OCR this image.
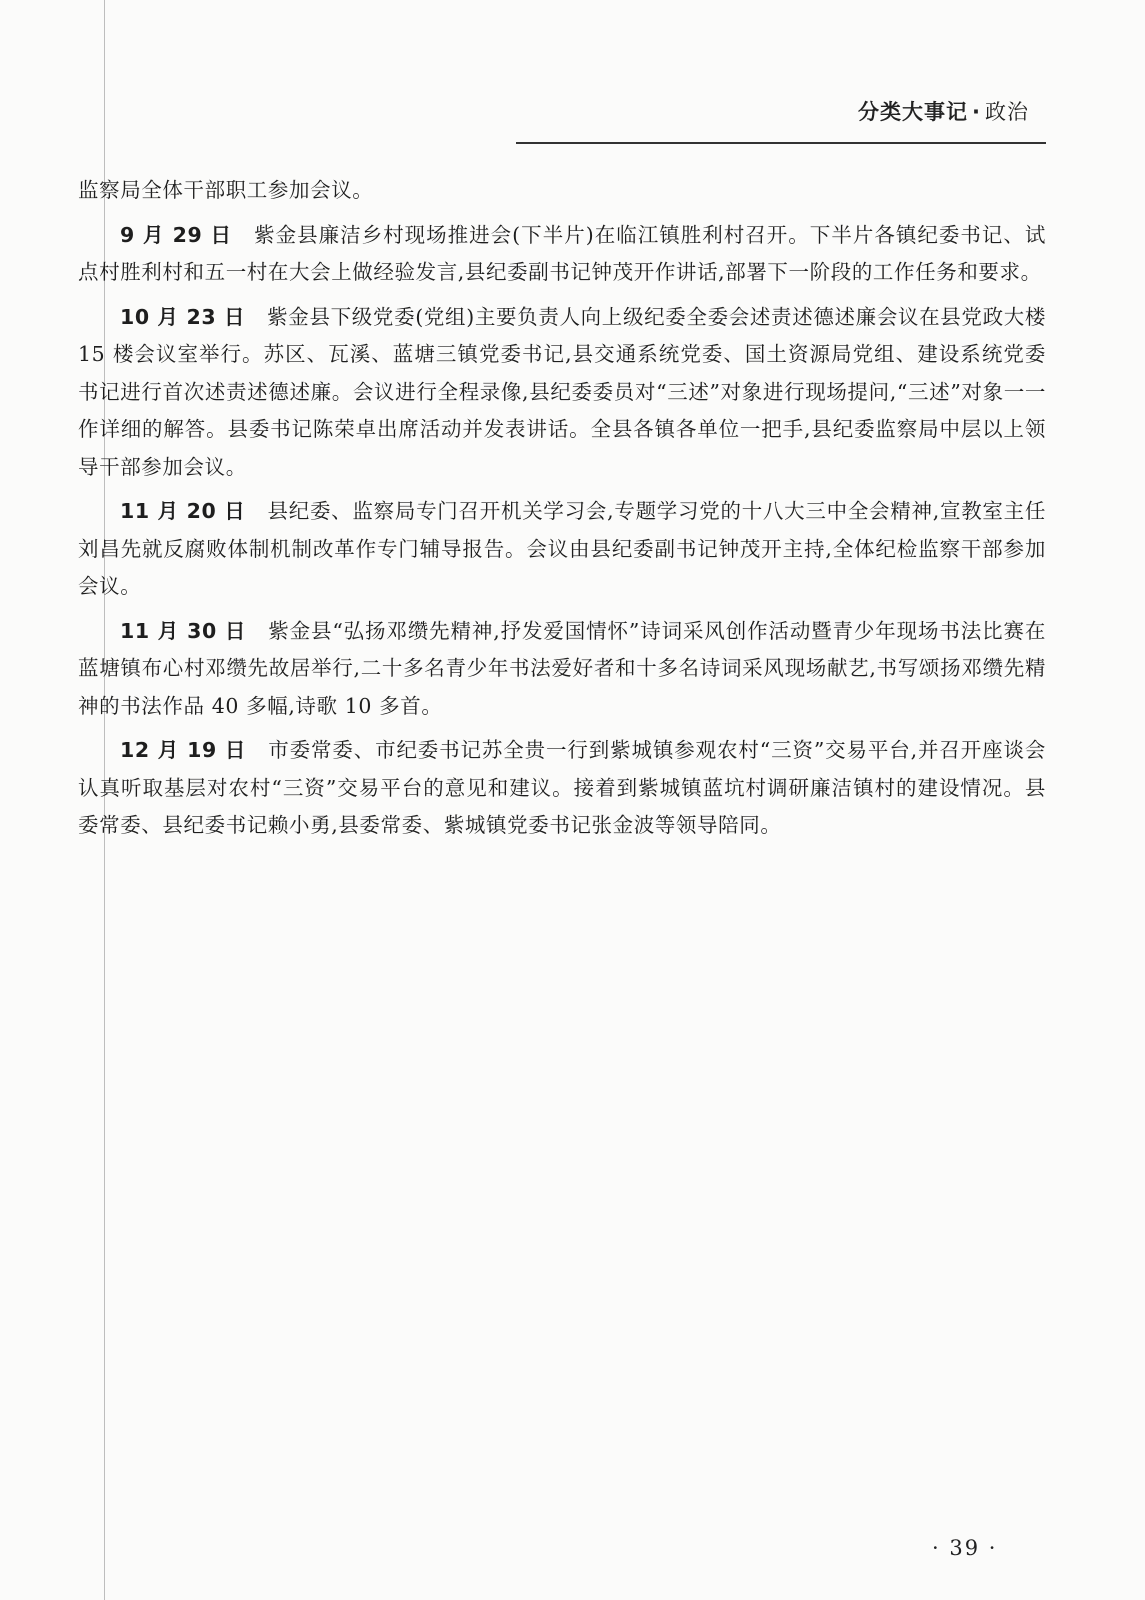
分类大事记 · 政治

监察局全体干部职工参加会议。

9 月 29 日 紫金县廉洁乡村现场推进会(下半片)在临江镇胜利村召开。下半片各镇纪委书记、试点村胜利村和五一村在大会上做经验发言,县纪委副书记钟茂开作讲话,部署下一阶段的工作任务和要求。

10 月 23 日 紫金县下级党委(党组)主要负责人向上级纪委全委会述责述德述廉会议在县党政大楼 15 楼会议室举行。苏区、瓦溪、蓝塘三镇党委书记,县交通系统党委、国土资源局党组、建设系统党委书记进行首次述责述德述廉。会议进行全程录像,县纪委委员对“三述”对象进行现场提问,“三述”对象一一作详细的解答。县委书记陈荣卓出席活动并发表讲话。全县各镇各单位一把手,县纪委监察局中层以上领导干部参加会议。

11 月 20 日 县纪委、监察局专门召开机关学习会,专题学习党的十八大三中全会精神,宣教室主任刘昌先就反腐败体制机制改革作专门辅导报告。会议由县纪委副书记钟茂开主持,全体纪检监察干部参加会议。

11 月 30 日 紫金县“弘扬邓缵先精神,抒发爱国情怀”诗词采风创作活动暨青少年现场书法比赛在蓝塘镇布心村邓缵先故居举行,二十多名青少年书法爱好者和十多名诗词采风现场献艺,书写颂扬邓缵先精神的书法作品 40 多幅,诗歌 10 多首。

12 月 19 日 市委常委、市纪委书记苏全贵一行到紫城镇参观农村“三资”交易平台,并召开座谈会认真听取基层对农村“三资”交易平台的意见和建议。接着到紫城镇蓝坑村调研廉洁镇村的建设情况。县委常委、县纪委书记赖小勇,县委常委、紫城镇党委书记张金波等领导陪同。

· 39 ·
